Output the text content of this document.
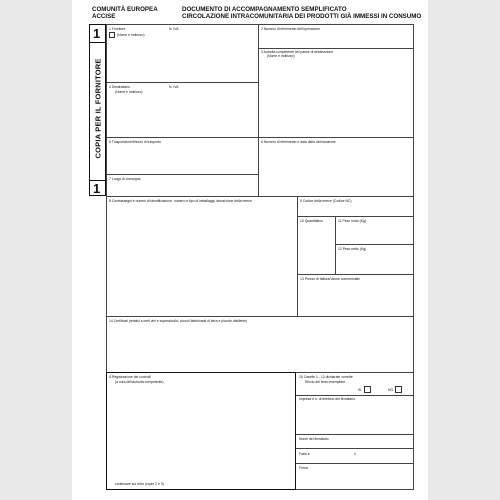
COMUNITÀ EUROPEA
ACCISE
DOCUMENTO DI ACCOMPAGNAMENTO SEMPLIFICATO
CIRCOLAZIONE INTRACOMUNITARIA DEI PRODOTTI GIÀ IMMESSI IN CONSUMO
1
COPIA PER IL FORNITORE
1
1 Fornitore
(Nome e indirizzo)
N. IVA	2 Numero di riferimento dell'operazione
3 Autorità competente del paese di destinazione
(Nome e indirizzo)
4 Destinatario
(Nome e indirizzo)
N. IVA
5 Trasportatore/Mezzo di trasporto	6 Numero di riferimento e data della dichiarazione
7 Luogo di consegna
8 Contrassegni e numeri di identificazione, numero e tipo di imballaggi, descrizione della merce	9 Codice della merce (Codice NC)
10 Quantitativo	11 Peso lordo (Kg)
12 Peso netto (Kg)
13 Prezzo di fattura/Valore commerciale
14 Certificati (relativi a certi vini e superalcolici, piccoli fabbricanti di birra e piccole distillerie)
A Registrazione dei controlli
(a cura dell'autorità competente)
continuare sul retro (copie 2 e 3)
15 Caselle 1 - 13 dichiarate corrette
Rinvio del terzo esemplare
SI	NO
Impresa e n. di telefono del firmatario
Nome del firmatario
Fatto a	il
Firma
